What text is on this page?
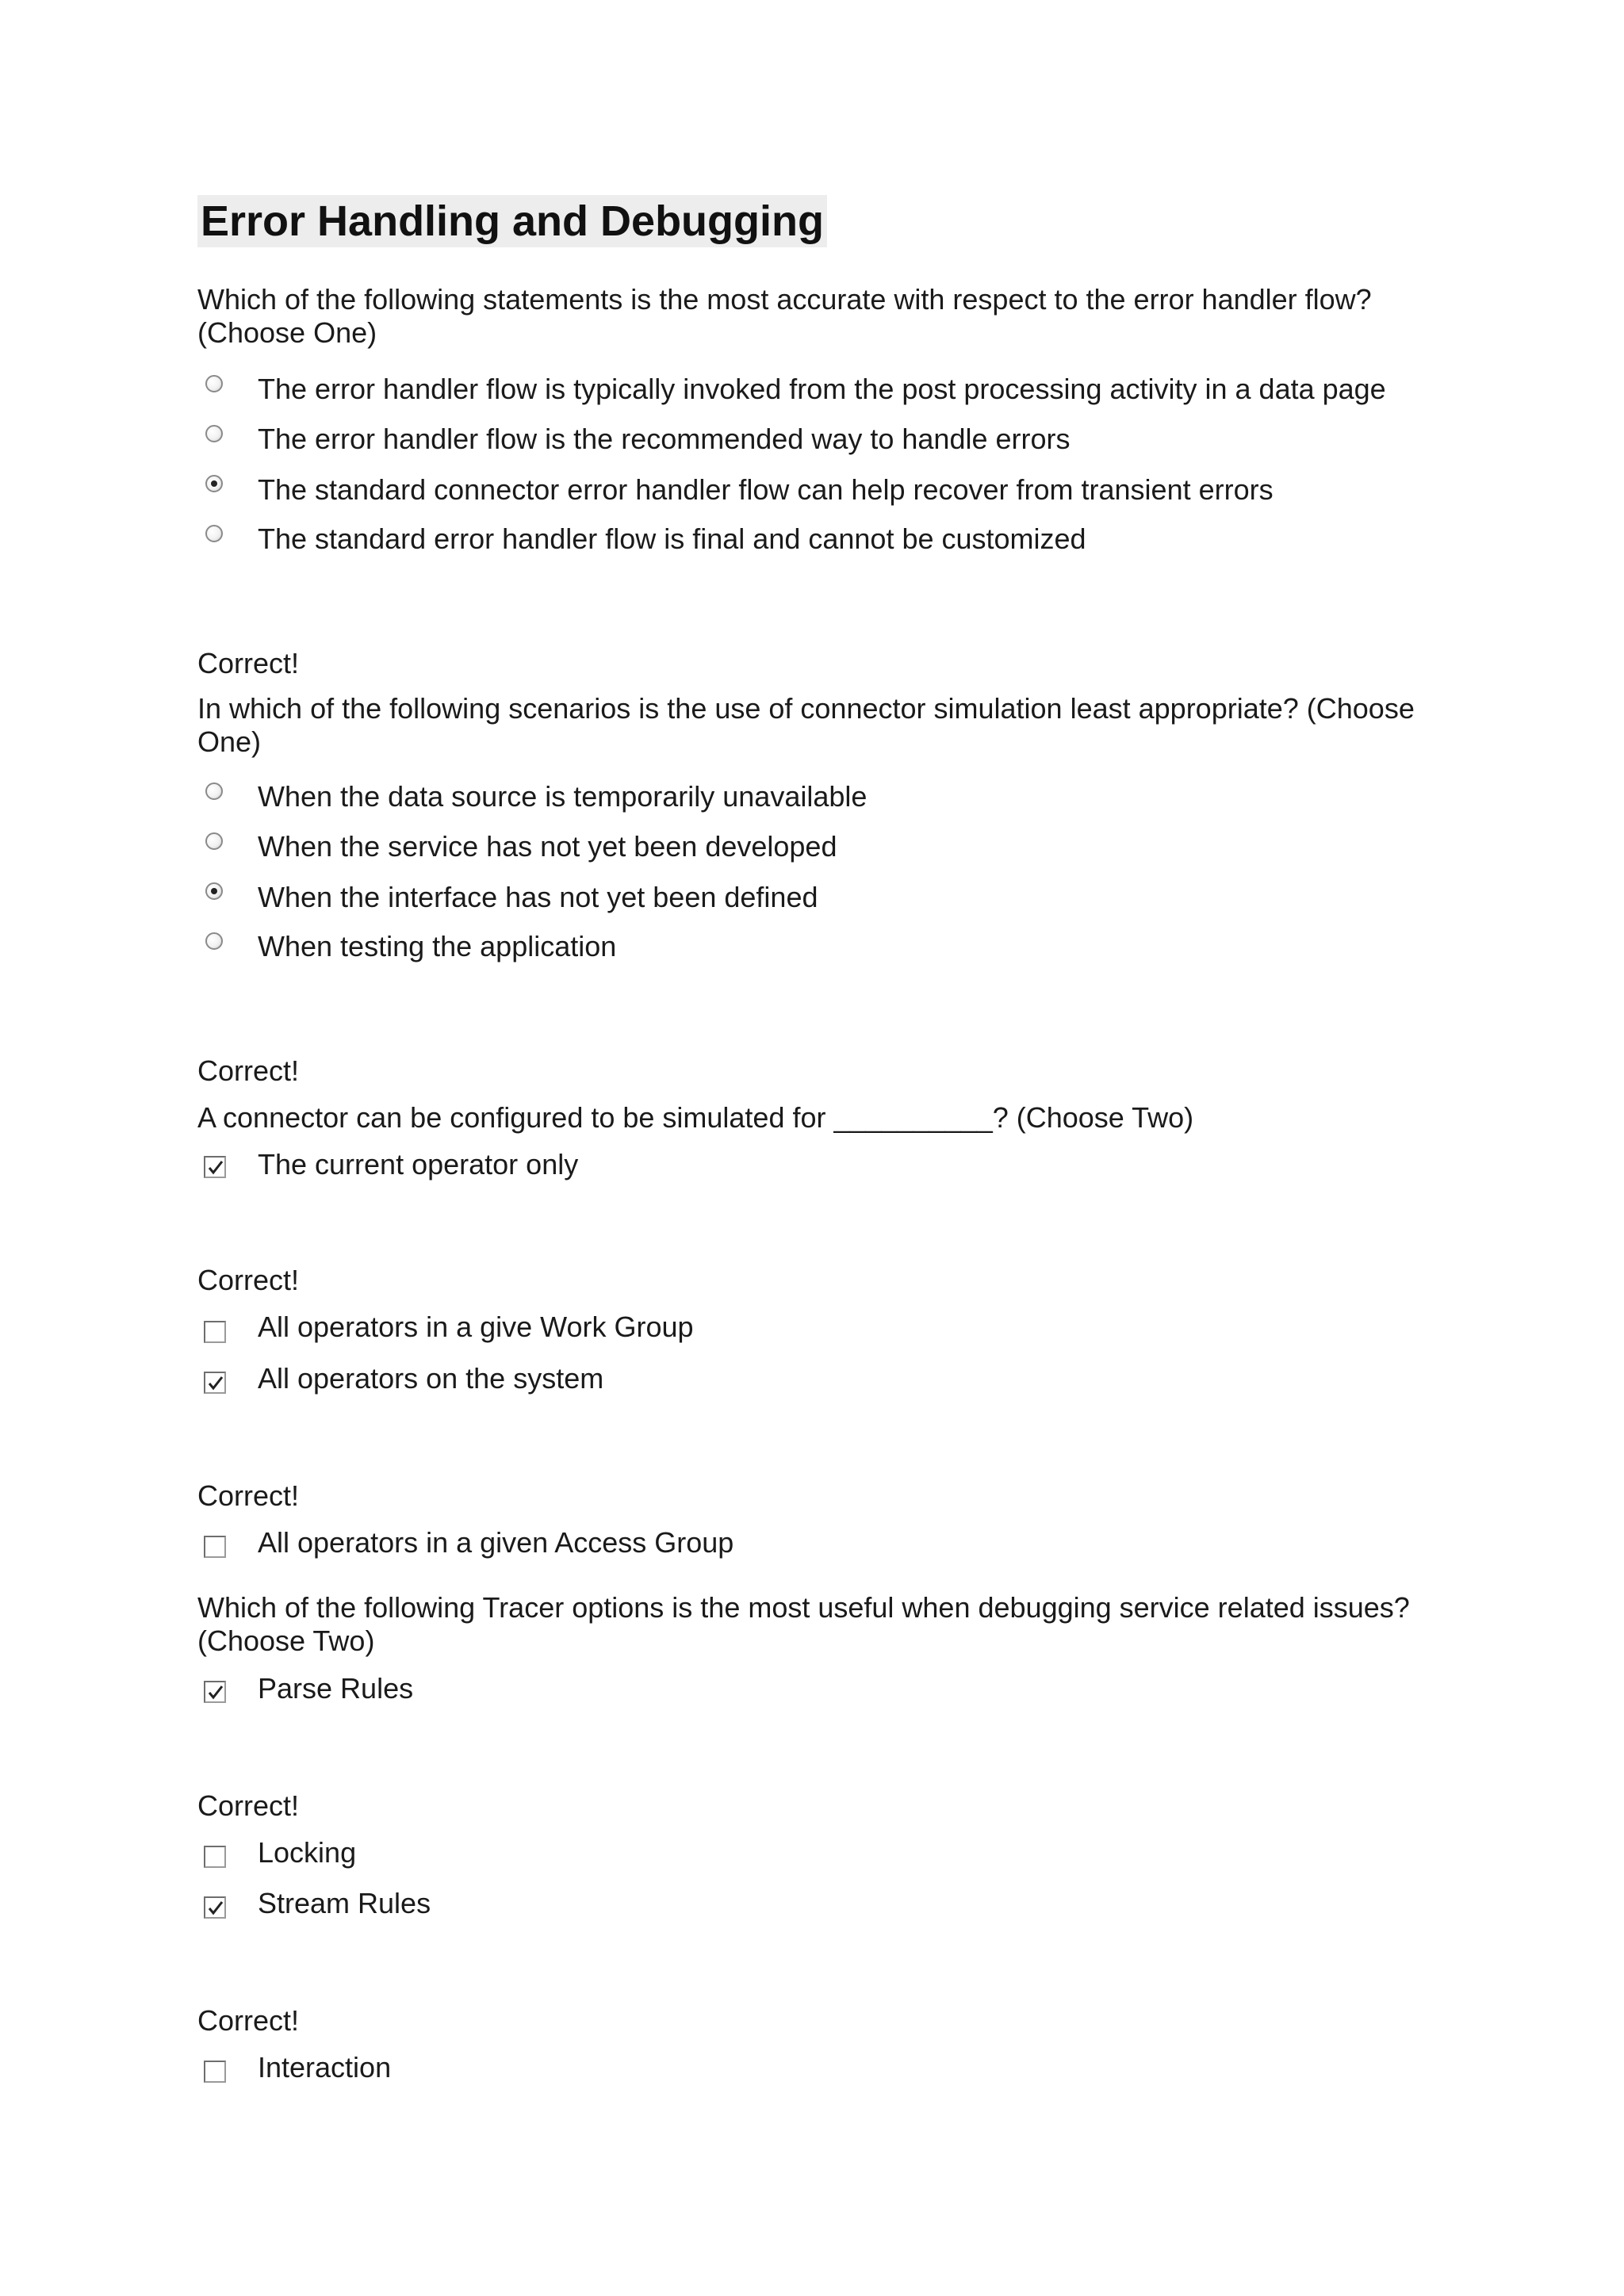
Error Handling and Debugging
Which of the following statements is the most accurate with respect to the error handler flow? (Choose One)
The error handler flow is typically invoked from the post processing activity in a data page
The error handler flow is the recommended way to handle errors
The standard connector error handler flow can help recover from transient errors
The standard error handler flow is final and cannot be customized
Correct!
In which of the following scenarios is the use of connector simulation least appropriate? (Choose One)
When the data source is temporarily unavailable
When the service has not yet been developed
When the interface has not yet been defined
When testing the application
Correct!
A connector can be configured to be simulated for __________? (Choose Two)
The current operator only
Correct!
All operators in a give Work Group
All operators on the system
Correct!
All operators in a given Access Group
Which of the following Tracer options is the most useful when debugging service related issues? (Choose Two)
Parse Rules
Correct!
Locking
Stream Rules
Correct!
Interaction
